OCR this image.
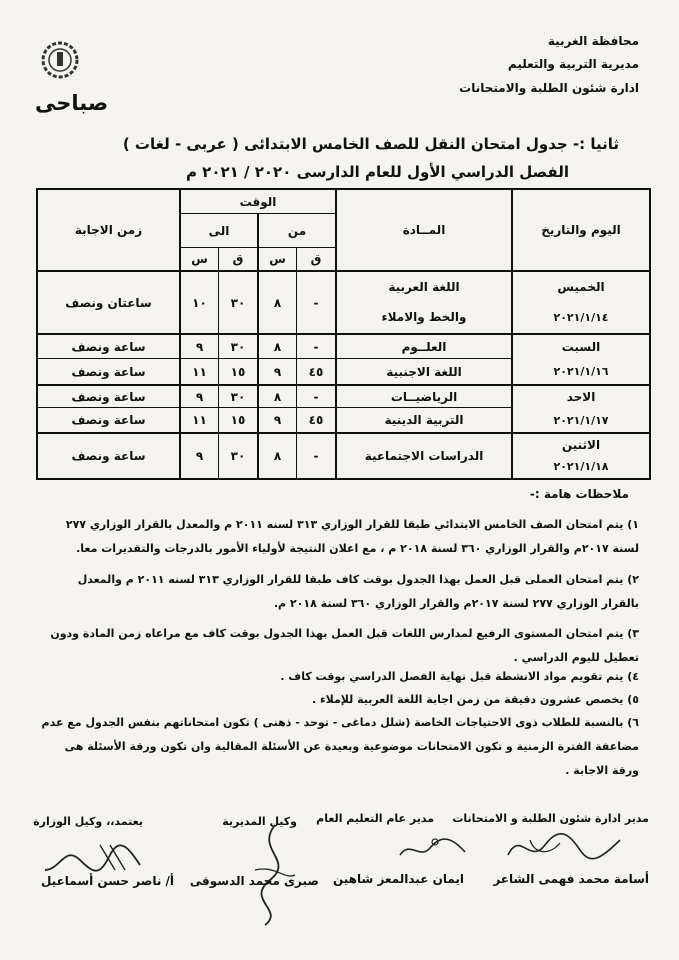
محافظة الغربية
مديرية التربية والتعليم
ادارة شئون الطلبة والامتحانات
صباحى
ثانيا :- جدول امتحان النقل للصف الخامس الابتدائى ( عربى - لغات )
الفصل الدراسي الأول للعام الدارسى ٢٠٢٠ / ٢٠٢١ م
اليوم والتاريخ
المــادة
الوقت
من
الى
ق
س
ق
س
زمن الاجابة
الخميس
٢٠٢١/١/١٤
السبت
٢٠٢١/١/١٦
الاحد
٢٠٢١/١/١٧
الاثنين
٢٠٢١/١/١٨
اللغة العربية
والخط والاملاء
-
٨
٣٠
١٠
ساعتان ونصف
العلــوم
-
٨
٣٠
٩
ساعة ونصف
اللغة الاجنبية
٤٥
٩
١٥
١١
ساعة ونصف
الرياضيــات
-
٨
٣٠
٩
ساعة ونصف
التربية الدينية
٤٥
٩
١٥
١١
ساعة ونصف
الدراسات الاجتماعية
-
٨
٣٠
٩
ساعة ونصف
ملاحظات هامة :-
١) يتم امتحان الصف الخامس الابتدائي طبقا للقرار الوزاري ٣١٣ لسنه ٢٠١١ م والمعدل بالقرار الوزاري ٢٧٧ لسنة ٢٠١٧م والقرار الوزاري ٣٦٠ لسنة ٢٠١٨ م ، مع اعلان النتيجة لأولياء الأمور بالدرجات والتقديرات معا.
٢) يتم امتحان العملى قبل العمل بهذا الجدول بوقت كاف طبقا للقرار الوزاري ٣١٣ لسنه ٢٠١١ م والمعدل بالقرار الوزاري ٢٧٧ لسنة ٢٠١٧م والقرار الوزاري ٣٦٠ لسنة ٢٠١٨ م.
٣) يتم امتحان المستوى الرفيع لمدارس اللغات قبل العمل بهذا الجدول بوقت كاف مع مراعاه زمن المادة ودون تعطيل لليوم الدراسي .
٤) يتم تقويم مواد الانشطة قبل نهاية الفصل الدراسي بوقت كاف .
٥) يخصص عشرون دقيقة من زمن اجابة اللغة العربية للإملاء .
٦) بالنسبة للطلاب ذوى الاحتياجات الخاصة (شلل دماغى - توحد - ذهنى ) تكون امتحاناتهم بنفس الجدول مع عدم مضاعفة الفترة الزمنية و تكون الامتحانات موضوعية وبعيدة عن الأسئلة المقالية وان تكون ورقة الأسئلة هى ورقة الاجابة .
مدير ادارة شئون الطلبة و الامتحانات
مدير عام التعليم العام
وكيل المديرية
يعتمد،، وكيل الوزارة
أسامة محمد فهمى الشاعر
ايمان عبدالمعز شاهين
صبرى محمد الدسوقى
أ/ ناصر حسن أسماعيل
